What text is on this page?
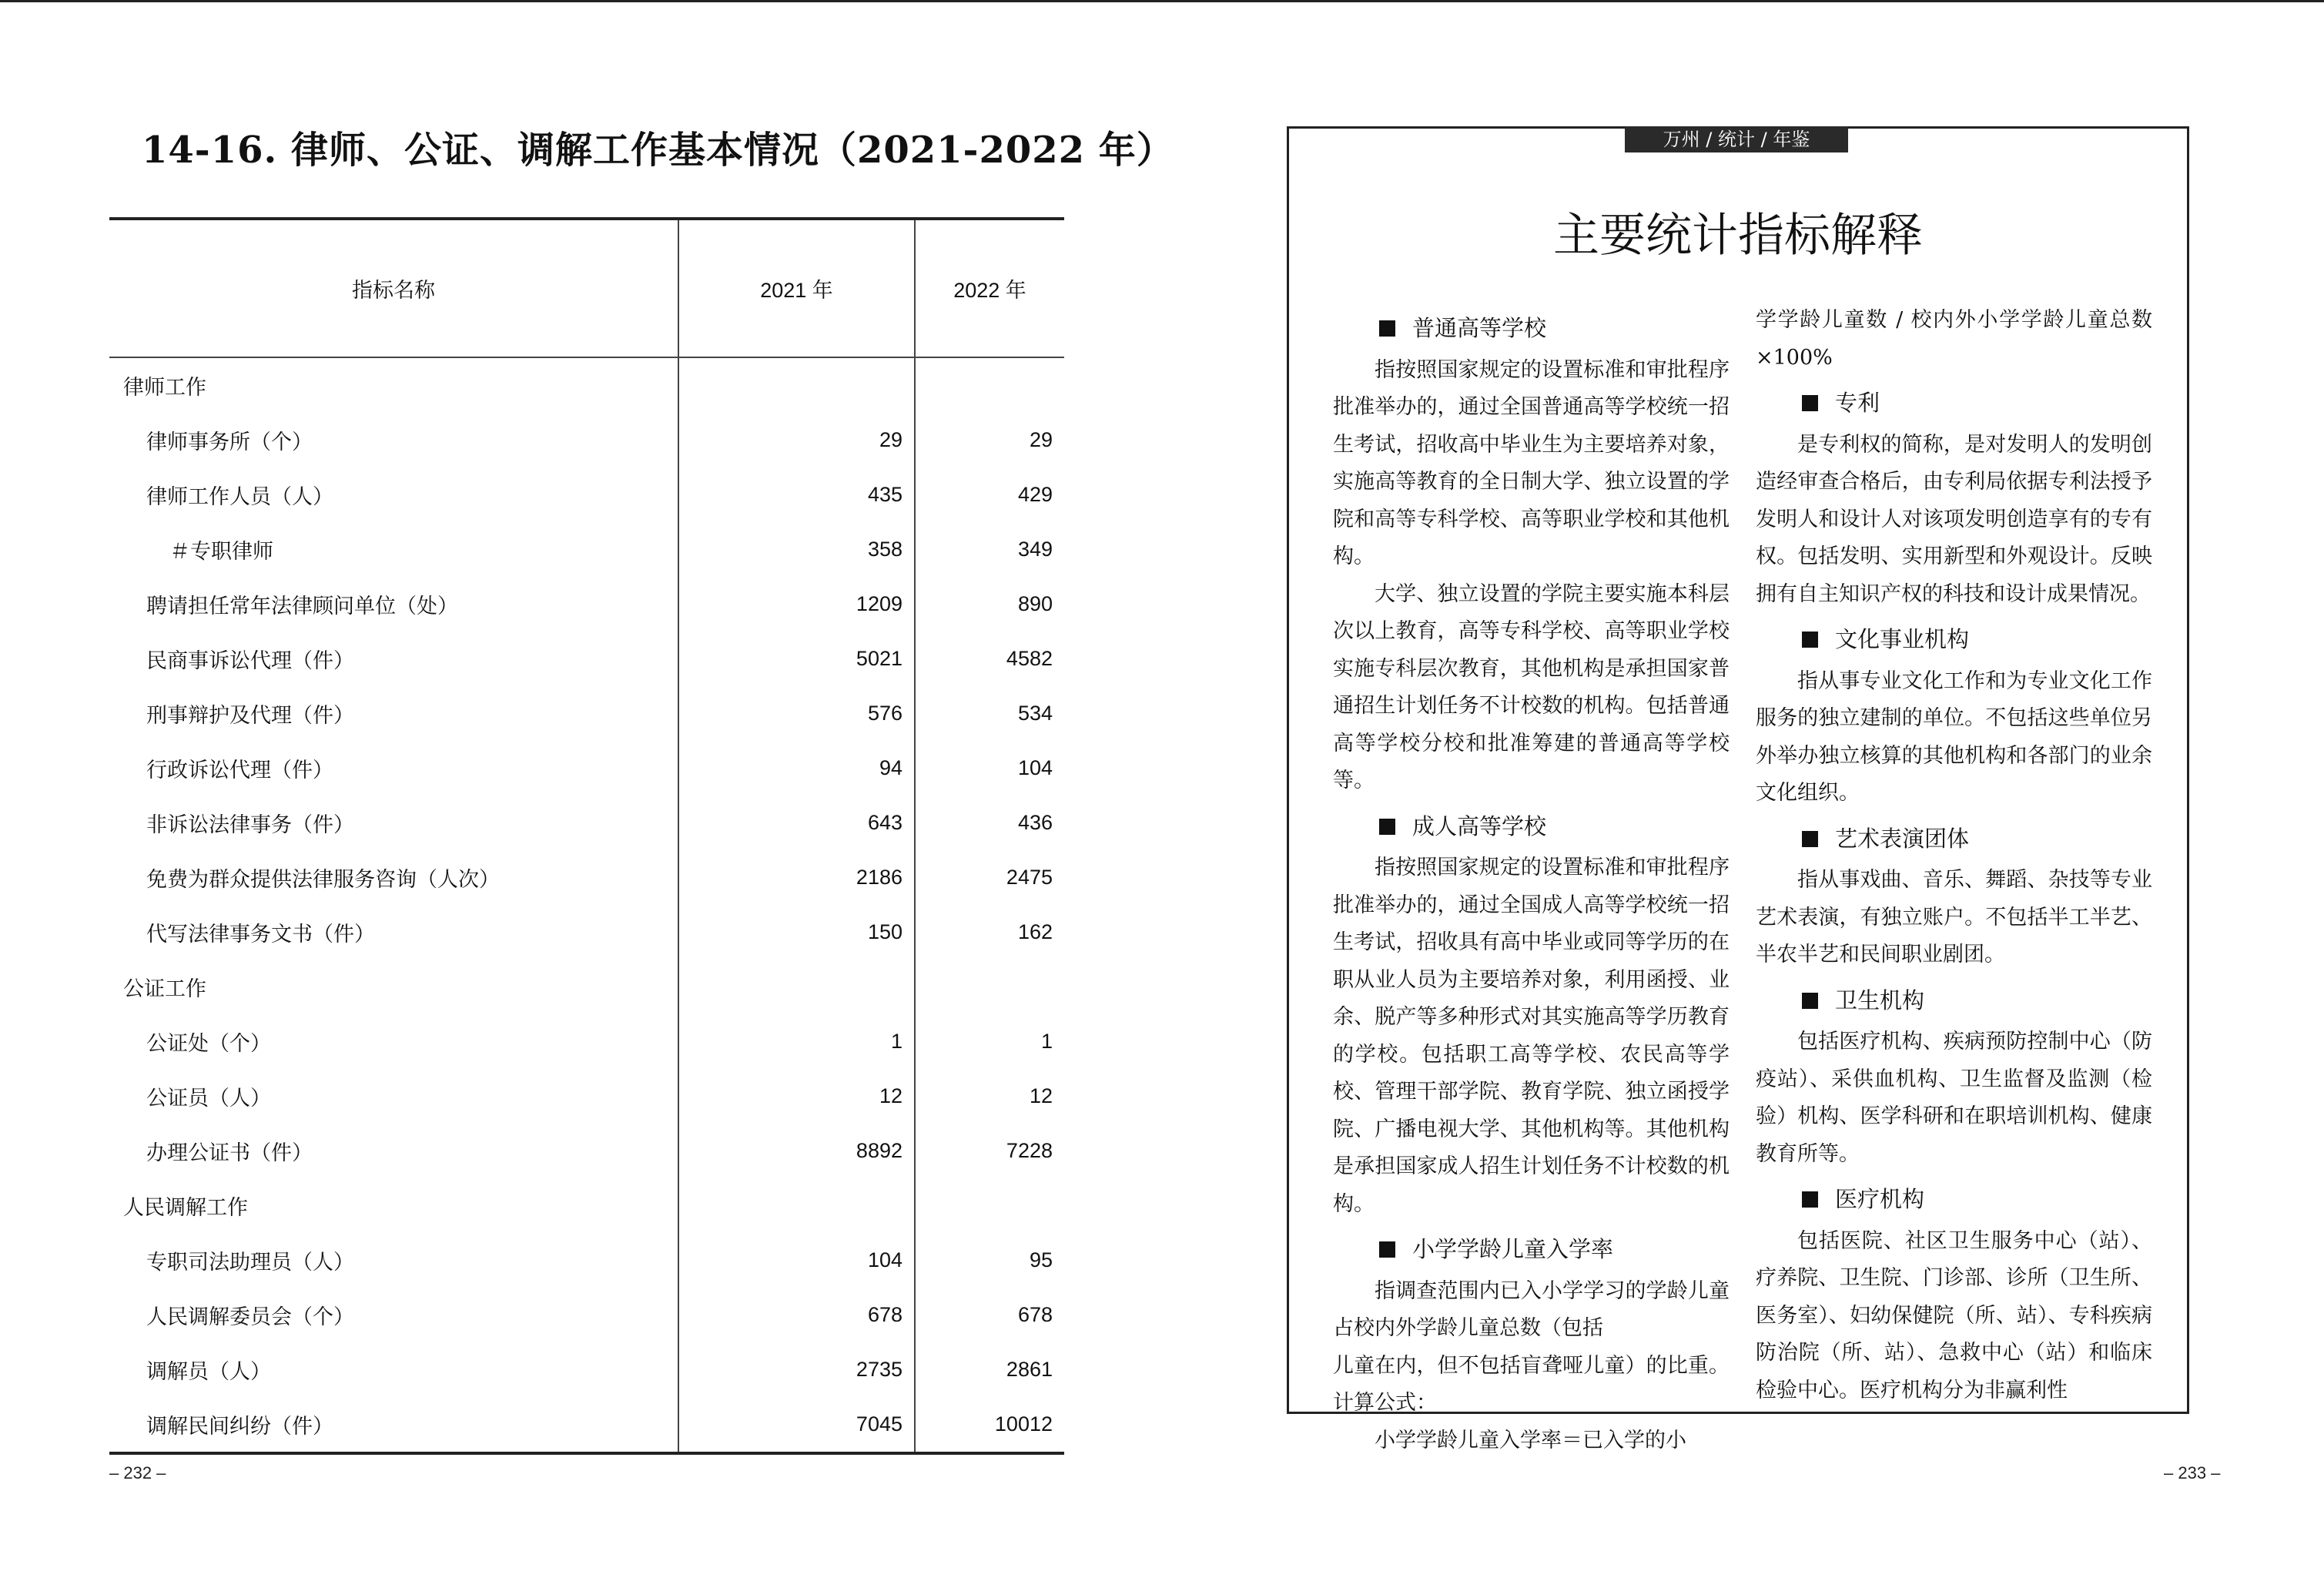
14-16. 律师、公证、调解工作基本情况（2021-2022 年）
指标名称	2021 年	2022 年
律师工作		
律师事务所（个）	29	29
律师工作人员（人）	435	429
＃专职律师	358	349
聘请担任常年法律顾问单位（处）	1209	890
民商事诉讼代理（件）	5021	4582
刑事辩护及代理（件）	576	534
行政诉讼代理（件）	94	104
非诉讼法律事务（件）	643	436
免费为群众提供法律服务咨询（人次）	2186	2475
代写法律事务文书（件）	150	162
公证工作		
公证处（个）	1	1
公证员（人）	12	12
办理公证书（件）	8892	7228
人民调解工作		
专职司法助理员（人）	104	95
人民调解委员会（个）	678	678
调解员（人）	2735	2861
调解民间纠纷（件）	7045	10012
– 232 –
万州 / 统计 / 年鉴
主要统计指标解释
普通高等学校

指按照国家规定的设置标准和审批程序批准举办的，通过全国普通高等学校统一招生考试，招收高中毕业生为主要培养对象，实施高等教育的全日制大学、独立设置的学院和高等专科学校、高等职业学校和其他机构。

大学、独立设置的学院主要实施本科层次以上教育，高等专科学校、高等职业学校实施专科层次教育，其他机构是承担国家普通招生计划任务不计校数的机构。包括普通高等学校分校和批准筹建的普通高等学校等。

成人高等学校

指按照国家规定的设置标准和审批程序批准举办的，通过全国成人高等学校统一招生考试，招收具有高中毕业或同等学历的在职从业人员为主要培养对象，利用函授、业余、脱产等多种形式对其实施高等学历教育的学校。包括职工高等学校、农民高等学校、管理干部学院、教育学院、独立函授学院、广播电视大学、其他机构等。其他机构是承担国家成人招生计划任务不计校数的机构。

小学学龄儿童入学率

指调查范围内已入小学学习的学龄儿童占校内外学龄儿童总数（包括

儿童在内，但不包括盲聋哑儿童）的比重。计算公式：

小学学龄儿童入学率＝已入学的小

学学龄儿童数 / 校内外小学学龄儿童总数×100%

专利

是专利权的简称，是对发明人的发明创造经审查合格后，由专利局依据专利法授予发明人和设计人对该项发明创造享有的专有权。包括发明、实用新型和外观设计。反映拥有自主知识产权的科技和设计成果情况。

文化事业机构

指从事专业文化工作和为专业文化工作服务的独立建制的单位。不包括这些单位另外举办独立核算的其他机构和各部门的业余文化组织。

艺术表演团体

指从事戏曲、音乐、舞蹈、杂技等专业艺术表演，有独立账户。不包括半工半艺、半农半艺和民间职业剧团。

卫生机构

包括医疗机构、疾病预防控制中心（防疫站）、采供血机构、卫生监督及监测（检验）机构、医学科研和在职培训机构、健康教育所等。

医疗机构

包括医院、社区卫生服务中心（站）、疗养院、卫生院、门诊部、诊所（卫生所、医务室）、妇幼保健院（所、站）、专科疾病防治院（所、站）、急救中心（站）和临床检验中心。医疗机构分为非赢利性

– 233 –
